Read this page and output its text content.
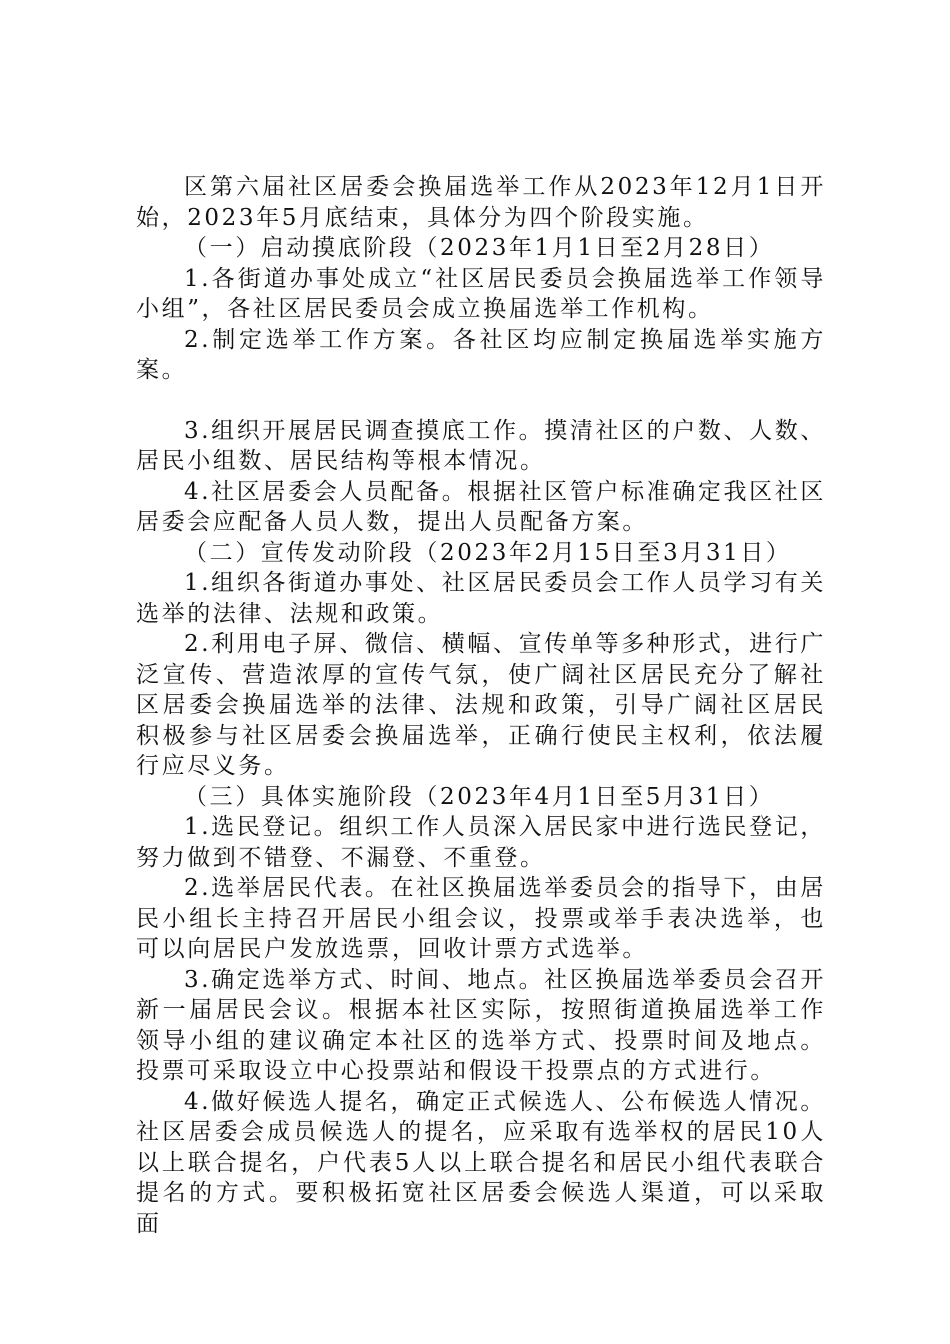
区第六届社区居委会换届选举工作从2023年12月1日开始，2023年5月底结束，具体分为四个阶段实施。

（一）启动摸底阶段（2023年1月1日至2月28日）

1.各街道办事处成立“社区居民委员会换届选举工作领导小组”，各社区居民委员会成立换届选举工作机构。

2.制定选举工作方案。各社区均应制定换届选举实施方案。

3.组织开展居民调查摸底工作。摸清社区的户数、人数、居民小组数、居民结构等根本情况。

4.社区居委会人员配备。根据社区管户标准确定我区社区居委会应配备人员人数，提出人员配备方案。

（二）宣传发动阶段（2023年2月15日至3月31日）

1.组织各街道办事处、社区居民委员会工作人员学习有关选举的法律、法规和政策。

2.利用电子屏、微信、横幅、宣传单等多种形式，进行广泛宣传、营造浓厚的宣传气氛，使广阔社区居民充分了解社区居委会换届选举的法律、法规和政策，引导广阔社区居民积极参与社区居委会换届选举，正确行使民主权利，依法履行应尽义务。

（三）具体实施阶段（2023年4月1日至5月31日）

1.选民登记。组织工作人员深入居民家中进行选民登记，努力做到不错登、不漏登、不重登。

2.选举居民代表。在社区换届选举委员会的指导下，由居民小组长主持召开居民小组会议，投票或举手表决选举，也可以向居民户发放选票，回收计票方式选举。

3.确定选举方式、时间、地点。社区换届选举委员会召开新一届居民会议。根据本社区实际，按照街道换届选举工作领导小组的建议确定本社区的选举方式、投票时间及地点。投票可采取设立中心投票站和假设干投票点的方式进行。

4.做好候选人提名，确定正式候选人、公布候选人情况。社区居委会成员候选人的提名，应采取有选举权的居民10人以上联合提名，户代表5人以上联合提名和居民小组代表联合提名的方式。要积极拓宽社区居委会候选人渠道，可以采取面
